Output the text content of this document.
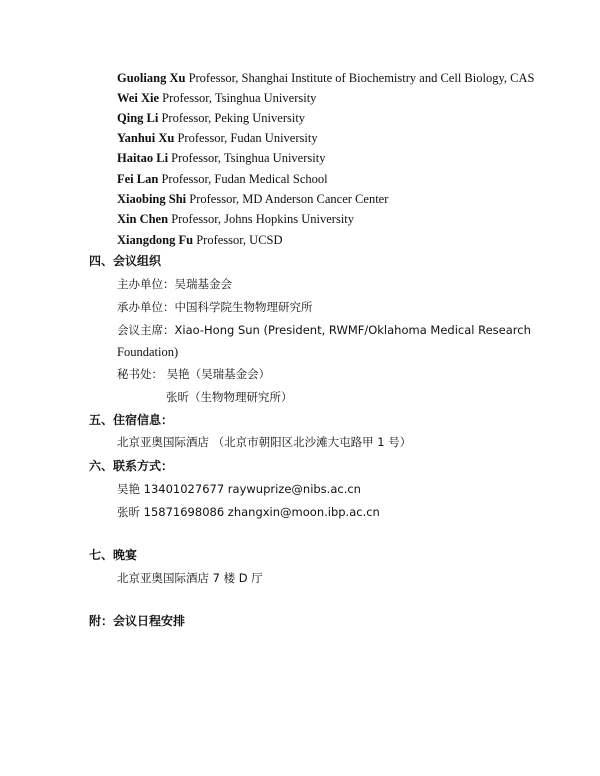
Guoliang Xu Professor, Shanghai Institute of Biochemistry and Cell Biology, CAS
Wei Xie Professor, Tsinghua University
Qing Li Professor, Peking University
Yanhui Xu Professor, Fudan University
Haitao Li Professor, Tsinghua University
Fei Lan Professor, Fudan Medical School
Xiaobing Shi Professor, MD Anderson Cancer Center
Xin Chen Professor, Johns Hopkins University
Xiangdong Fu Professor, UCSD
四、会议组织
主办单位：吴瑞基金会
承办单位：中国科学院生物物理研究所
会议主席：Xiao-Hong Sun (President, RWMF/Oklahoma Medical Research
Foundation)
秘书处： 吴艳（吴瑞基金会）
张昕（生物物理研究所）
五、住宿信息：
北京亚奥国际酒店 （北京市朝阳区北沙滩大屯路甲 1 号）
六、联系方式：
吴艳 13401027677 raywuprize@nibs.ac.cn
张昕 15871698086 zhangxin@moon.ibp.ac.cn
七、晚宴
北京亚奥国际酒店 7 楼 D 厅
附：会议日程安排
